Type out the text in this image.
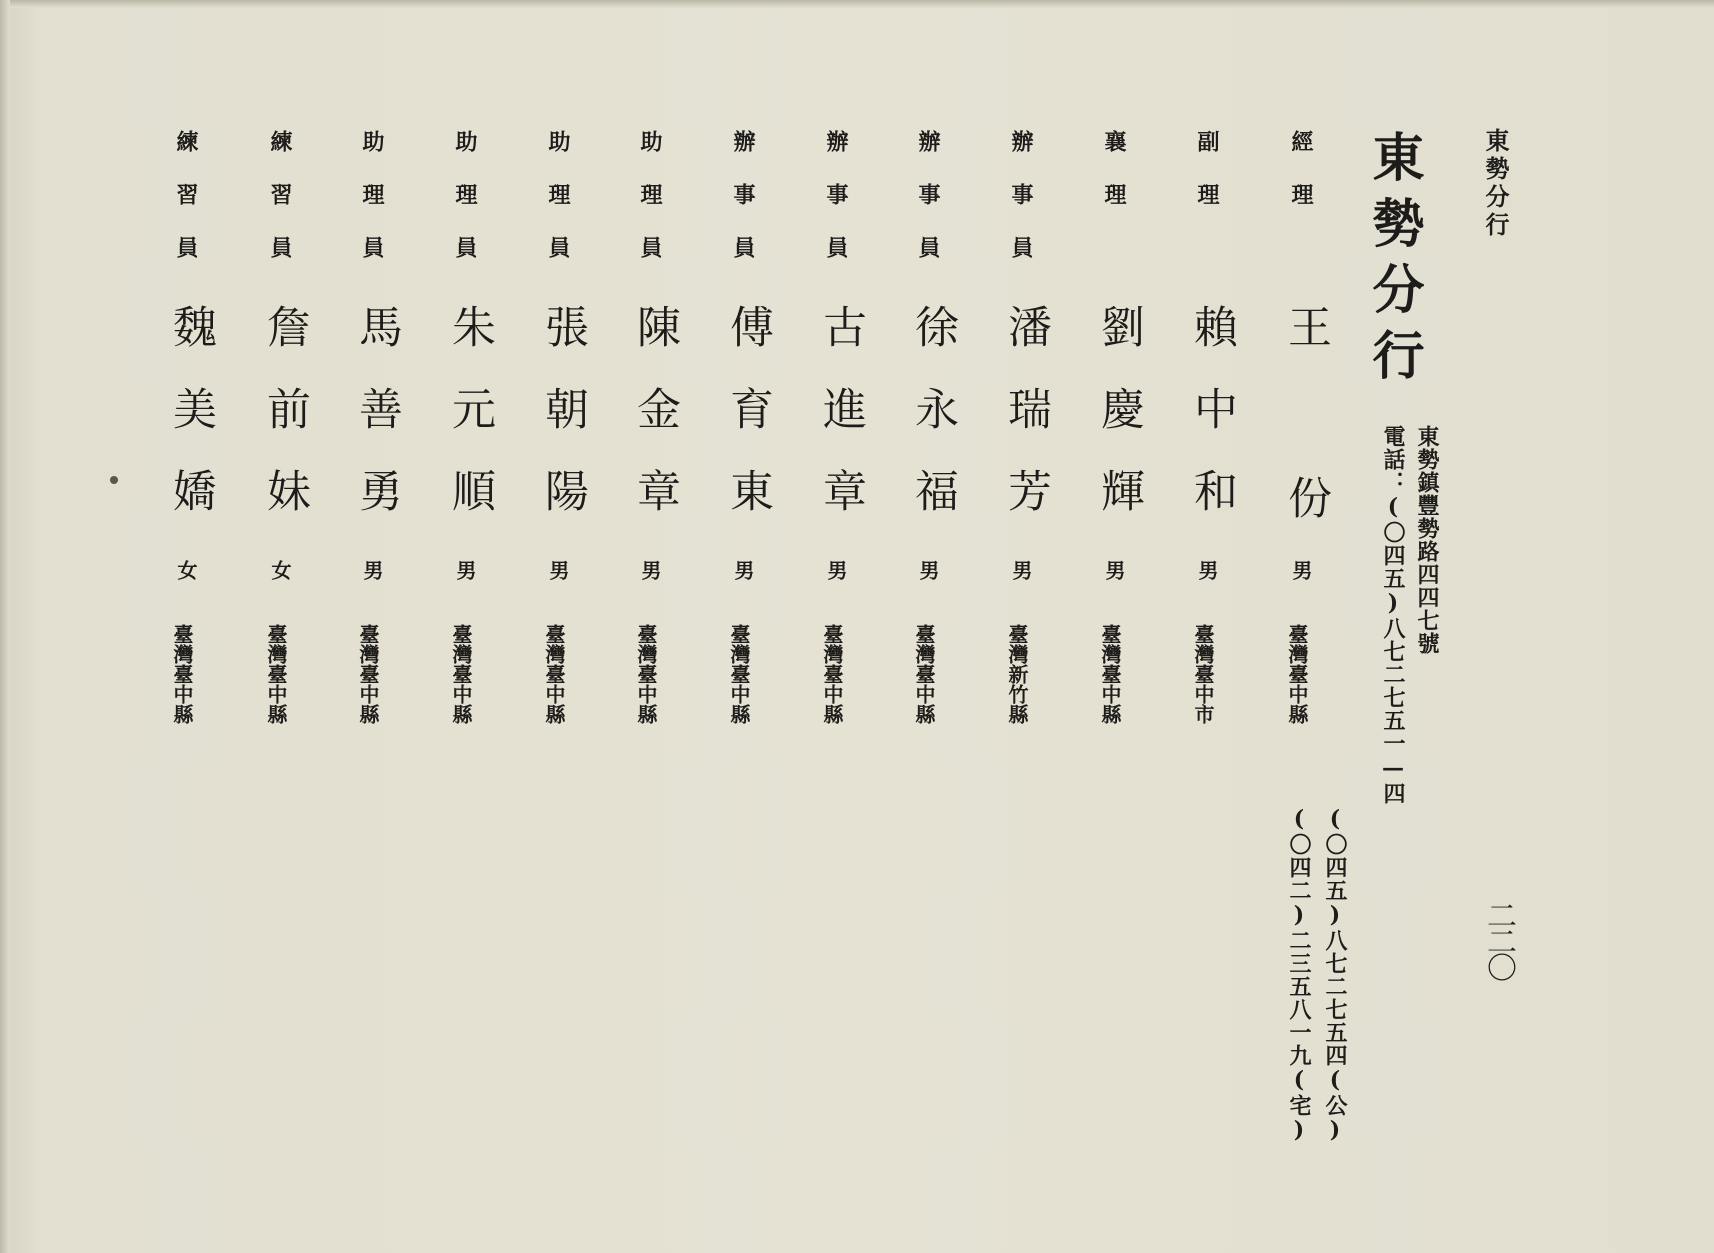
東勢分行
二二〇
東勢分行
東勢鎮豐勢路四四七號
電話：(〇四五)八七二七五一—四
(〇四五)八七二七五四(公)
(〇四二)二三五八一九(宅)
經理
王 份
男
臺灣臺中縣
副理
賴中和
男
臺灣臺中市
襄理
劉慶輝
男
臺灣臺中縣
辦事員
潘瑞芳
男
臺灣新竹縣
辦事員
徐永福
男
臺灣臺中縣
辦事員
古進章
男
臺灣臺中縣
辦事員
傅育東
男
臺灣臺中縣
助理員
陳金章
男
臺灣臺中縣
助理員
張朝陽
男
臺灣臺中縣
助理員
朱元順
男
臺灣臺中縣
助理員
馬善勇
男
臺灣臺中縣
練習員
詹前妹
女
臺灣臺中縣
練習員
魏美嬌
女
臺灣臺中縣
